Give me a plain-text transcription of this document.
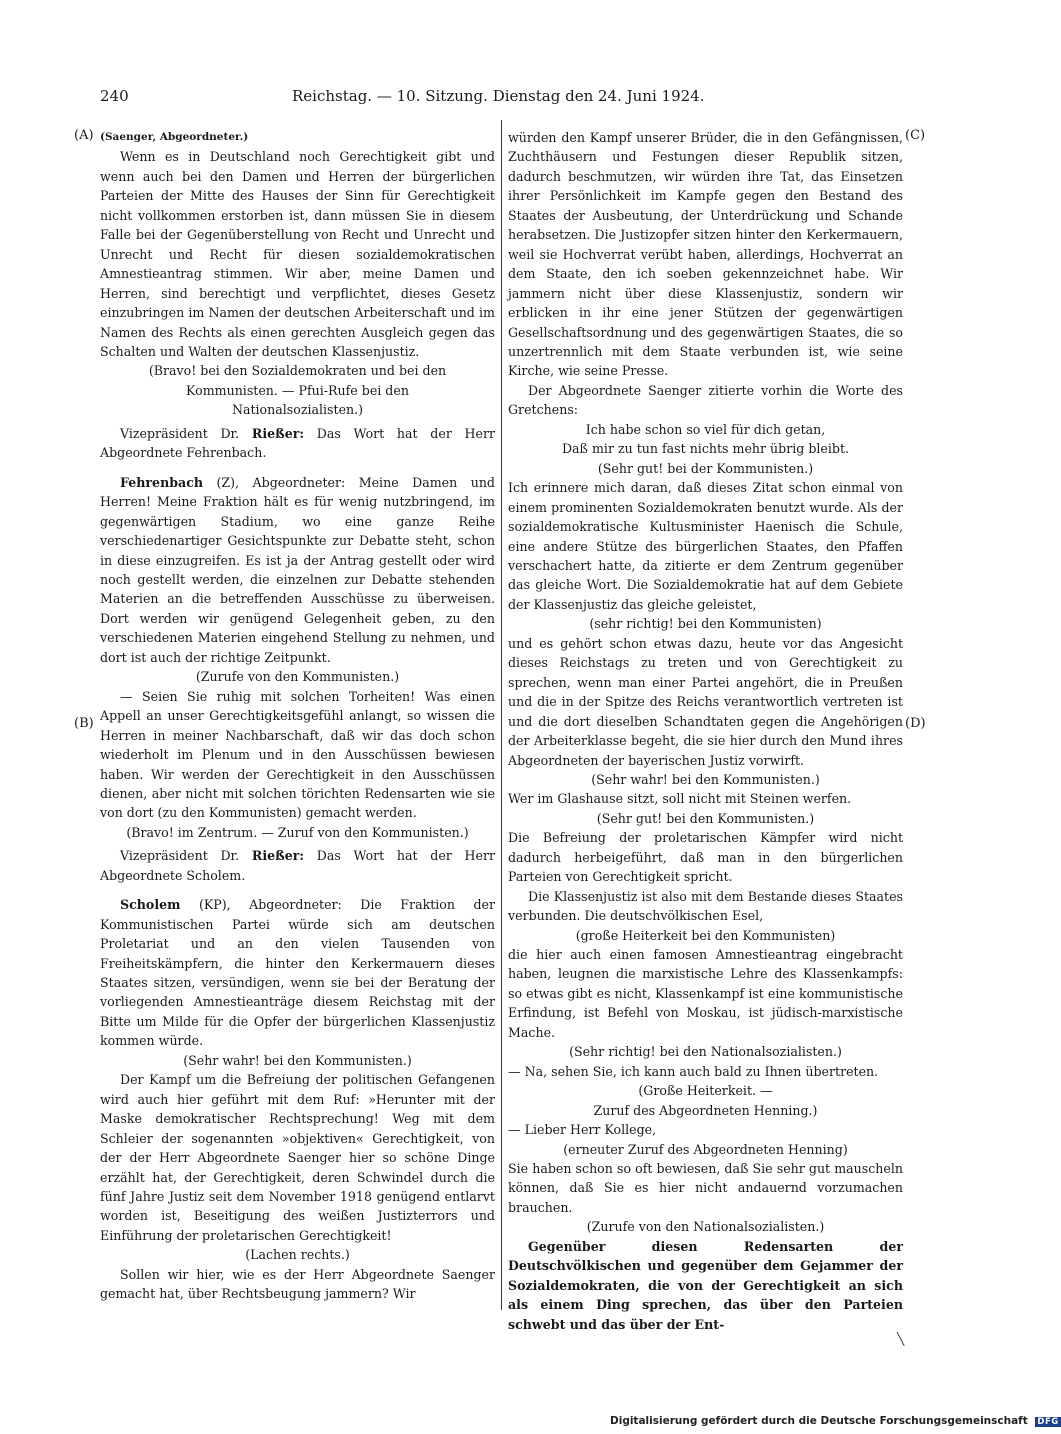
240	Reichstag. — 10. Sitzung. Dienstag den 24. Juni 1924.
(A)
(B)
(C)
(D)

(Saenger, Abgeordneter.)

Wenn es in Deutschland noch Gerechtigkeit gibt und wenn auch bei den Damen und Herren der bürgerlichen Parteien der Mitte des Hauses der Sinn für Gerechtigkeit nicht vollkommen erstorben ist, dann müssen Sie in diesem Falle bei der Gegenüberstellung von Recht und Unrecht und Unrecht und Recht für diesen sozialdemokratischen Amnestieantrag stimmen. Wir aber, meine Damen und Herren, sind berechtigt und verpflichtet, dieses Gesetz einzubringen im Namen der deutschen Arbeiterschaft und im Namen des Rechts als einen gerechten Ausgleich gegen das Schalten und Walten der deutschen Klassenjustiz.

(Bravo! bei den Sozialdemokraten und bei den Kommunisten. — Pfui-Rufe bei den Nationalsozialisten.)

Vizepräsident Dr. Rießer: Das Wort hat der Herr Abgeordnete Fehrenbach.

Fehrenbach (Z), Abgeordneter: Meine Damen und Herren! Meine Fraktion hält es für wenig nutzbringend, im gegenwärtigen Stadium, wo eine ganze Reihe verschiedenartiger Gesichtspunkte zur Debatte steht, schon in diese einzugreifen. Es ist ja der Antrag gestellt oder wird noch gestellt werden, die einzelnen zur Debatte stehenden Materien an die betreffenden Ausschüsse zu überweisen. Dort werden wir genügend Gelegenheit geben, zu den verschiedenen Materien eingehend Stellung zu nehmen, und dort ist auch der richtige Zeitpunkt.

(Zurufe von den Kommunisten.)

— Seien Sie ruhig mit solchen Torheiten! Was einen Appell an unser Gerechtigkeitsgefühl anlangt, so wissen die Herren in meiner Nachbarschaft, daß wir das doch schon wiederholt im Plenum und in den Ausschüssen bewiesen haben. Wir werden der Gerechtigkeit in den Ausschüssen dienen, aber nicht mit solchen törichten Redensarten wie sie von dort (zu den Kommunisten) gemacht werden.

(Bravo! im Zentrum. — Zuruf von den Kommunisten.)

Vizepräsident Dr. Rießer: Das Wort hat der Herr Abgeordnete Scholem.

Scholem (KP), Abgeordneter: Die Fraktion der Kommunistischen Partei würde sich am deutschen Proletariat und an den vielen Tausenden von Freiheitskämpfern, die hinter den Kerkermauern dieses Staates sitzen, versündigen, wenn sie bei der Beratung der vorliegenden Amnestieanträge diesem Reichstag mit der Bitte um Milde für die Opfer der bürgerlichen Klassenjustiz kommen würde.

(Sehr wahr! bei den Kommunisten.)

Der Kampf um die Befreiung der politischen Gefangenen wird auch hier geführt mit dem Ruf: »Herunter mit der Maske demokratischer Rechtsprechung! Weg mit dem Schleier der sogenannten »objektiven« Gerechtigkeit, von der der Herr Abgeordnete Saenger hier so schöne Dinge erzählt hat, der Gerechtigkeit, deren Schwindel durch die fünf Jahre Justiz seit dem November 1918 genügend entlarvt worden ist, Beseitigung des weißen Justizterrors und Einführung der proletarischen Gerechtigkeit!

(Lachen rechts.)

Sollen wir hier, wie es der Herr Abgeordnete Saenger gemacht hat, über Rechtsbeugung jammern? Wir

würden den Kampf unserer Brüder, die in den Gefängnissen, Zuchthäusern und Festungen dieser Republik sitzen, dadurch beschmutzen, wir würden ihre Tat, das Einsetzen ihrer Persönlichkeit im Kampfe gegen den Bestand des Staates der Ausbeutung, der Unterdrückung und Schande herabsetzen. Die Justizopfer sitzen hinter den Kerkermauern, weil sie Hochverrat verübt haben, allerdings, Hochverrat an dem Staate, den ich soeben gekennzeichnet habe. Wir jammern nicht über diese Klassenjustiz, sondern wir erblicken in ihr eine jener Stützen der gegenwärtigen Gesellschaftsordnung und des gegenwärtigen Staates, die so unzertrennlich mit dem Staate verbunden ist, wie seine Kirche, wie seine Presse.

Der Abgeordnete Saenger zitierte vorhin die Worte des Gretchens:

Ich habe schon so viel für dich getan,

Daß mir zu tun fast nichts mehr übrig bleibt.

(Sehr gut! bei der Kommunisten.)

Ich erinnere mich daran, daß dieses Zitat schon einmal von einem prominenten Sozialdemokraten benutzt wurde. Als der sozialdemokratische Kultusminister Haenisch die Schule, eine andere Stütze des bürgerlichen Staates, den Pfaffen verschachert hatte, da zitierte er dem Zentrum gegenüber das gleiche Wort. Die Sozialdemokratie hat auf dem Gebiete der Klassenjustiz das gleiche geleistet,

(sehr richtig! bei den Kommunisten)

und es gehört schon etwas dazu, heute vor das Angesicht dieses Reichstags zu treten und von Gerechtigkeit zu sprechen, wenn man einer Partei angehört, die in Preußen und die in der Spitze des Reichs verantwortlich vertreten ist und die dort dieselben Schandtaten gegen die Angehörigen der Arbeiterklasse begeht, die sie hier durch den Mund ihres Abgeordneten der bayerischen Justiz vorwirft.

(Sehr wahr! bei den Kommunisten.)

Wer im Glashause sitzt, soll nicht mit Steinen werfen.

(Sehr gut! bei den Kommunisten.)

Die Befreiung der proletarischen Kämpfer wird nicht dadurch herbeigeführt, daß man in den bürgerlichen Parteien von Gerechtigkeit spricht.

Die Klassenjustiz ist also mit dem Bestande dieses Staates verbunden. Die deutschvölkischen Esel,

(große Heiterkeit bei den Kommunisten)

die hier auch einen famosen Amnestieantrag eingebracht haben, leugnen die marxistische Lehre des Klassenkampfs: so etwas gibt es nicht, Klassenkampf ist eine kommunistische Erfindung, ist Befehl von Moskau, ist jüdisch-marxistische Mache.

(Sehr richtig! bei den Nationalsozialisten.)

— Na, sehen Sie, ich kann auch bald zu Ihnen übertreten.

(Große Heiterkeit. —

Zuruf des Abgeordneten Henning.)

— Lieber Herr Kollege,

(erneuter Zuruf des Abgeordneten Henning)

Sie haben schon so oft bewiesen, daß Sie sehr gut mauscheln können, daß Sie es hier nicht andauernd vorzumachen brauchen.

(Zurufe von den Nationalsozialisten.)

Gegenüber diesen Redensarten der Deutschvölkischen und gegenüber dem Gejammer der Sozialdemokraten, die von der Gerechtigkeit an sich als einem Ding sprechen, das über den Parteien schwebt und das über der Ent-

╲
Digitalisierung gefördert durch die Deutsche Forschungsgemeinschaft DFG
